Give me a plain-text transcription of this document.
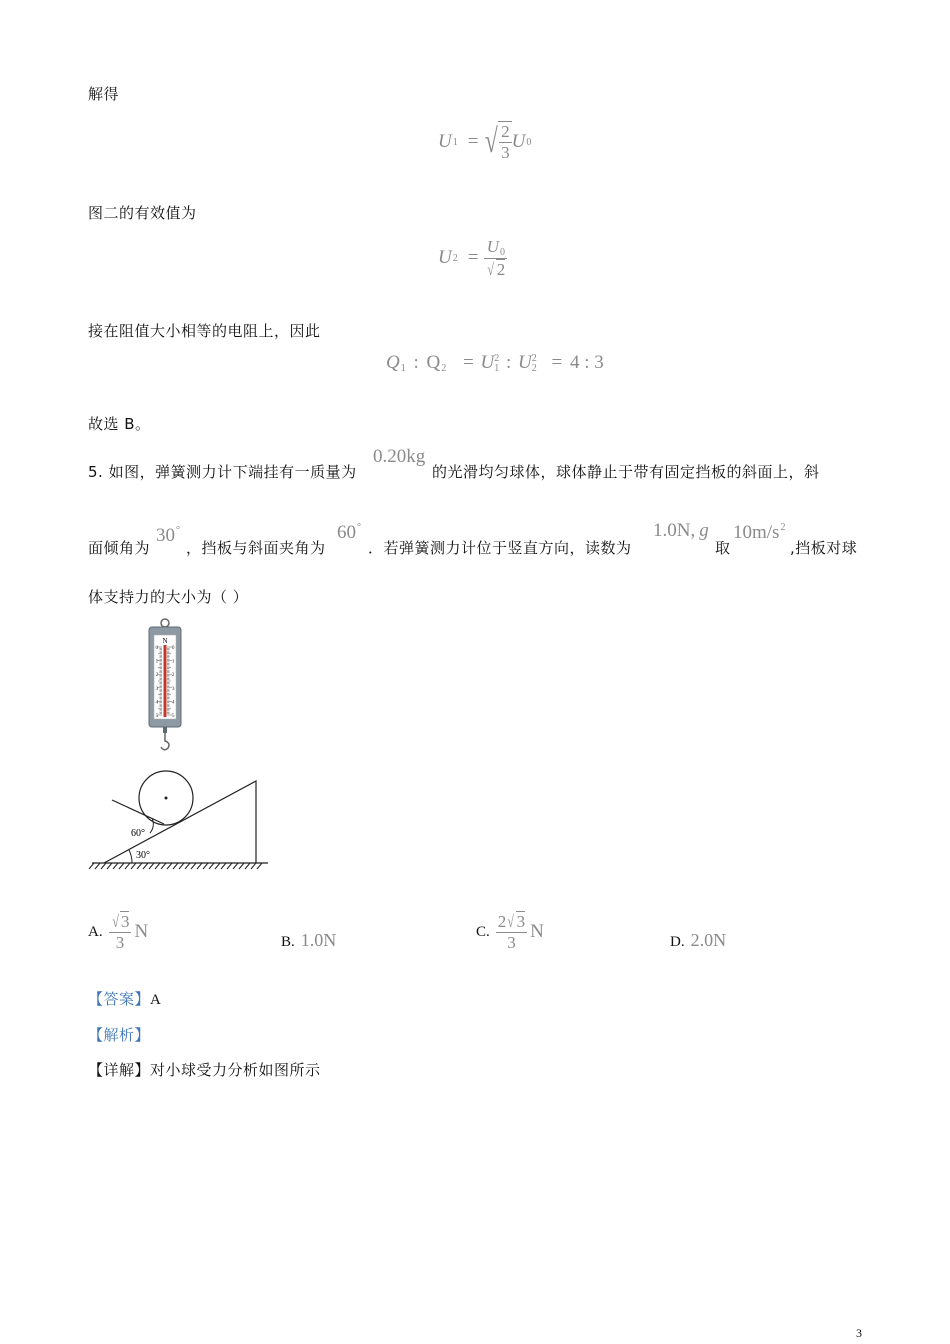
解得
U 1 = √ $\frac{2}{3}$ U 0
图二的有效值为
U $2 = \frac{U_0}{√ 2}$
接在阻值大小相等的电阻上，因此
$Q_1$ : $Q_2 = U$ 2
1 : U 2
2 = 4 : 3
故选 B。
5. 如图，弹簧测力计下端挂有一质量为
0.20kg
的光滑均匀球体，球体静止于带有固定挡板的斜面上，斜
面倾角为
30°
，挡板与斜面夹角为
60°
．若弹簧测力计位于竖直方向，读数为
1.0N, g
取
$10m/s^2$
,挡板对球
体支持力的大小为（ ）
N
0 0
1 1
2 2
3 3
4 4
5 5
60°
30°
A. $\frac{√ 3}{3}$ N	B. 1.0N	C. $\frac{2√ 3}{3}$ N	D. 2.0N
【答案】A
【解析】
【详解】对小球受力分析如图所示
3
